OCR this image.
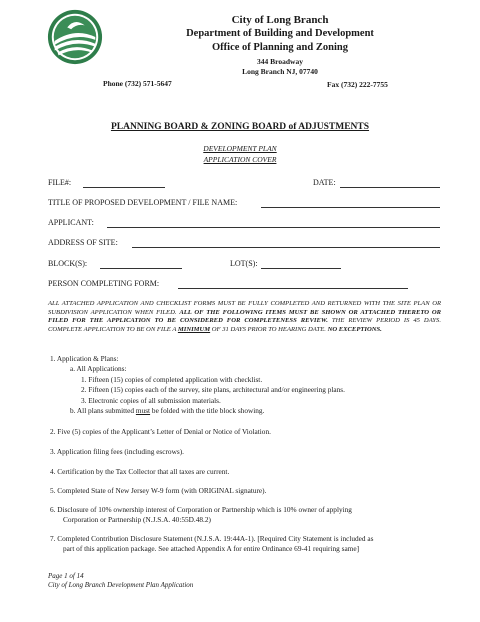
City of Long Branch
Department of Building and Development
Office of Planning and Zoning
344 Broadway
Long Branch NJ, 07740
Phone (732) 571-5647	Fax (732) 222-7755
PLANNING BOARD & ZONING BOARD of ADJUSTMENTS
DEVELOPMENT PLAN
APPLICATION COVER
FILE#:	DATE:
TITLE OF PROPOSED DEVELOPMENT / FILE NAME:
APPLICANT:
ADDRESS OF SITE:
BLOCK(S):	LOT(S):
PERSON COMPLETING FORM:
ALL ATTACHED APPLICATION AND CHECKLIST FORMS MUST BE FULLY COMPLETED AND RETURNED WITH THE SITE PLAN OR SUBDIVISION APPLICATION WHEN FILED. ALL OF THE FOLLOWING ITEMS MUST BE SHOWN OR ATTACHED THERETO OR FILED FOR THE APPLICATION TO BE CONSIDERED FOR COMPLETENESS REVIEW. THE REVIEW PERIOD IS 45 DAYS. COMPLETE APPLICATION TO BE ON FILE A MINIMUM OF 31 DAYS PRIOR TO HEARING DATE. NO EXCEPTIONS.
1. Application & Plans:
a. All Applications:
1. Fifteen (15) copies of completed application with checklist.
2. Fifteen (15) copies each of the survey, site plans, architectural and/or engineering plans.
3. Electronic copies of all submission materials.
b. All plans submitted must be folded with the title block showing.
2. Five (5) copies of the Applicant’s Letter of Denial or Notice of Violation.
3. Application filing fees (including escrows).
4. Certification by the Tax Collector that all taxes are current.
5. Completed State of New Jersey W-9 form (with ORIGINAL signature).
6. Disclosure of 10% ownership interest of Corporation or Partnership which is 10% owner of applying
Corporation or Partnership (N.J.S.A. 40:55D.48.2)
7. Completed Contribution Disclosure Statement (N.J.S.A. 19:44A-1). [Required City Statement is included as
part of this application package. See attached Appendix A for entire Ordinance 69-41 requiring same]
Page 1 of 14
City of Long Branch Development Plan Application
